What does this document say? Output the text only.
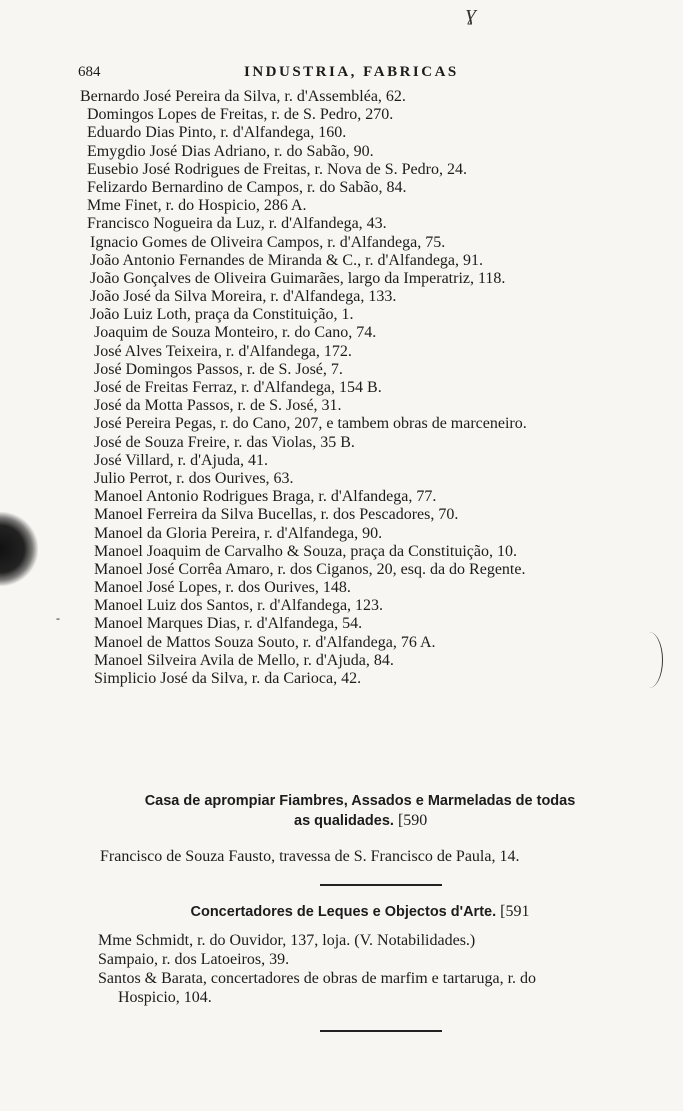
-
ɣ
684	INDUSTRIA, FABRICAS
Bernardo José Pereira da Silva, r. d'Assembléa, 62.
Domingos Lopes de Freitas, r. de S. Pedro, 270.
Eduardo Dias Pinto, r. d'Alfandega, 160.
Emygdio José Dias Adriano, r. do Sabão, 90.
Eusebio José Rodrigues de Freitas, r. Nova de S. Pedro, 24.
Felizardo Bernardino de Campos, r. do Sabão, 84.
Mme Finet, r. do Hospicio, 286 A.
Francisco Nogueira da Luz, r. d'Alfandega, 43.
Ignacio Gomes de Oliveira Campos, r. d'Alfandega, 75.
João Antonio Fernandes de Miranda & C., r. d'Alfandega, 91.
João Gonçalves de Oliveira Guimarães, largo da Imperatriz, 118.
João José da Silva Moreira, r. d'Alfandega, 133.
João Luiz Loth, praça da Constituição, 1.
Joaquim de Souza Monteiro, r. do Cano, 74.
José Alves Teixeira, r. d'Alfandega, 172.
José Domingos Passos, r. de S. José, 7.
José de Freitas Ferraz, r. d'Alfandega, 154 B.
José da Motta Passos, r. de S. José, 31.
José Pereira Pegas, r. do Cano, 207, e tambem obras de marceneiro.
José de Souza Freire, r. das Violas, 35 B.
José Villard, r. d'Ajuda, 41.
Julio Perrot, r. dos Ourives, 63.
Manoel Antonio Rodrigues Braga, r. d'Alfandega, 77.
Manoel Ferreira da Silva Bucellas, r. dos Pescadores, 70.
Manoel da Gloria Pereira, r. d'Alfandega, 90.
Manoel Joaquim de Carvalho & Souza, praça da Constituição, 10.
Manoel José Corrêa Amaro, r. dos Ciganos, 20, esq. da do Regente.
Manoel José Lopes, r. dos Ourives, 148.
Manoel Luiz dos Santos, r. d'Alfandega, 123.
Manoel Marques Dias, r. d'Alfandega, 54.
Manoel de Mattos Souza Souto, r. d'Alfandega, 76 A.
Manoel Silveira Avila de Mello, r. d'Ajuda, 84.
Simplicio José da Silva, r. da Carioca, 42.
Casa de aprompiar Fiambres, Assados e Marmeladas de todas
as qualidades. [590
Francisco de Souza Fausto, travessa de S. Francisco de Paula, 14.
Concertadores de Leques e Objectos d'Arte. [591
Mme Schmidt, r. do Ouvidor, 137, loja. (V. Notabilidades.)
Sampaio, r. dos Latoeiros, 39.
Santos & Barata, concertadores de obras de marfim e tartaruga, r. do
Hospicio, 104.
